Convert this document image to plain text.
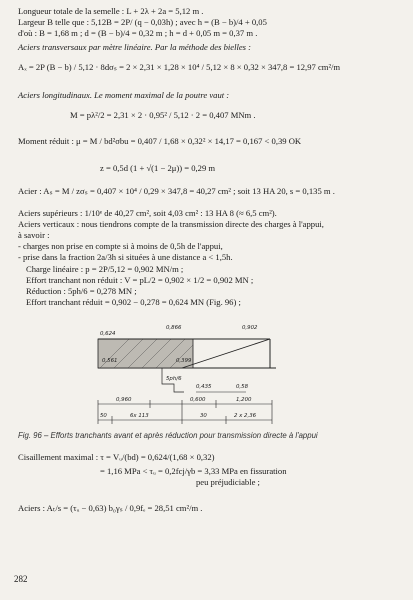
Longueur totale de la semelle : L + 2λ + 2a = 5,12 m .
Largeur B telle que : 5,12B = 2P/ (q − 0,03h) ; avec h = (B − b)/4 + 0,05
d'où : B = 1,68 m ; d = (B − b)/4 = 0,32 m ; h = d + 0,05 m = 0,37 m .
Aciers transversaux par mètre linéaire. Par la méthode des bielles :
Aₓ = 2P (B − b) / 5,12 · 8dσₛ = 2 × 2,31 × 1,28 × 10⁴ / 5,12 × 8 × 0,32 × 347,8 = 12,97 cm²/m
Aciers longitudinaux. Le moment maximal de la poutre vaut :
M = pλ²/2 = 2,31 × 2 · 0,95² / 5,12 · 2 = 0,407 MNm .
Moment réduit : μ = M / bd²σbu = 0,407 / 1,68 × 0,32² × 14,17 = 0,167 < 0,39 OK
z = 0,5d (1 + √(1 − 2μ)) = 0,29 m
Acier : Aₛ = M / zσₛ = 0,407 × 10⁴ / 0,29 × 347,8 = 40,27 cm² ; soit 13 HA 20, s = 0,135 m .
Aciers supérieurs : 1/10ᵉ de 40,27 cm², soit 4,03 cm² : 13 HA 8 (≈ 6,5 cm²).
Aciers verticaux : nous tiendrons compte de la transmission directe des charges à l'appui,
à savoir :
- charges non prise en compte si à moins de 0,5h de l'appui,
- prise dans la fraction 2a/3h si situées à une distance a < 1,5h.
Charge linéaire : p = 2P/5,12 = 0,902 MN/m ;
Effort tranchant non réduit : V = pL/2 = 0,902 × 1/2 = 0,902 MN ;
Réduction : 5ph/6 = 0,278 MN ;
Effort tranchant réduit = 0,902 − 0,278 = 0,624 MN (Fig. 96) ;
0,866	0,902
0,624
0,561	0,399
5ph/6
0,435	0,58
0,960	0,600	1,200
50	6x 113	30	2 x 2,36
Fig. 96 – Efforts tranchants avant et après réduction pour transmission directe à l'appui
Cisaillement maximal : τ = Vᵤ/(bd) = 0,624/(1,68 × 0,32)
= 1,16 MPa < τᵤ = 0,2fcj/γb = 3,33 MPa en fissuration
peu préjudiciable ;
Aciers : Aₜ/s = (τᵤ − 0,63) b₀γₛ / 0,9fₑ = 28,51 cm²/m .
282
